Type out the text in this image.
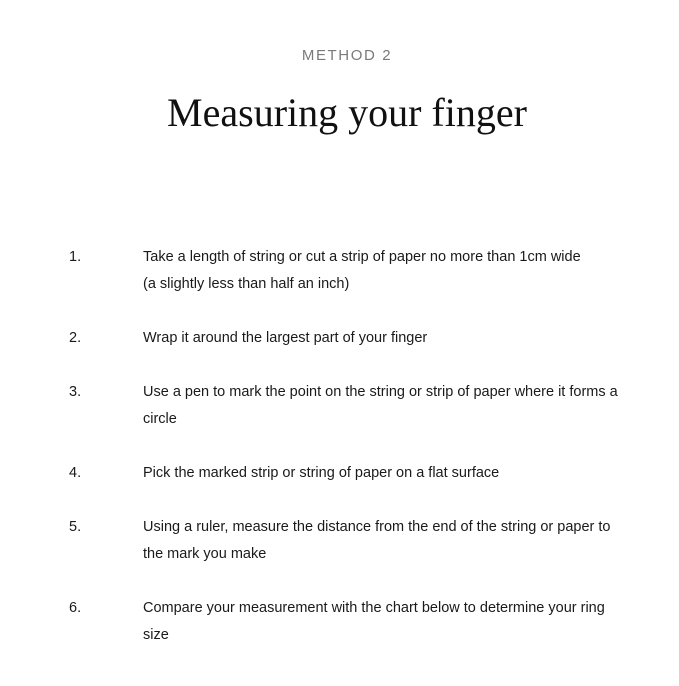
METHOD 2
Measuring your finger
1.	Take a length of string or cut a strip of paper no more than 1cm wide
(a slightly less than half an inch)
2.	Wrap it around the largest part of your finger
3.	Use a pen to mark the point on the string or strip of paper where it forms a circle
4.	Pick the marked strip or string of paper on a flat surface
5.	Using a ruler, measure the distance from the end of the string or paper to the mark you make
6.	Compare your measurement with the chart below to determine your ring size
